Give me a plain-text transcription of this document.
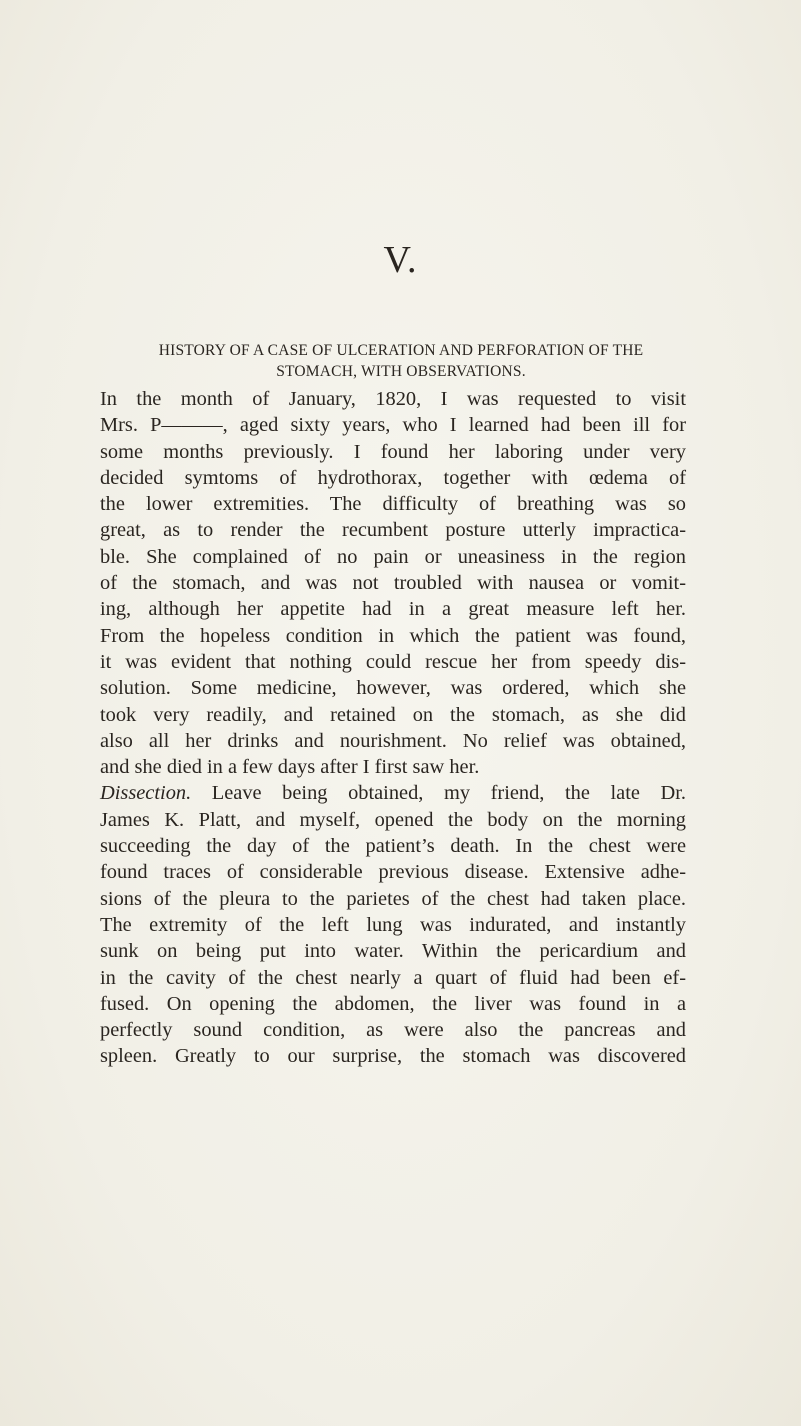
V.
HISTORY OF A CASE OF ULCERATION AND PERFORATION OF THE
STOMACH, WITH OBSERVATIONS.
In the month of January, 1820, I was requested to visit
Mrs. P———, aged sixty years, who I learned had been ill for
some months previously. I found her laboring under very
decided symtoms of hydrothorax, together with œdema of
the lower extremities. The difficulty of breathing was so
great, as to render the recumbent posture utterly impractica-
ble. She complained of no pain or uneasiness in the region
of the stomach, and was not troubled with nausea or vomit-
ing, although her appetite had in a great measure left her.
From the hopeless condition in which the patient was found,
it was evident that nothing could rescue her from speedy dis-
solution. Some medicine, however, was ordered, which she
took very readily, and retained on the stomach, as she did
also all her drinks and nourishment. No relief was obtained,
and she died in a few days after I first saw her.
Dissection. Leave being obtained, my friend, the late Dr.
James K. Platt, and myself, opened the body on the morning
succeeding the day of the patient’s death. In the chest were
found traces of considerable previous disease. Extensive adhe-
sions of the pleura to the parietes of the chest had taken place.
The extremity of the left lung was indurated, and instantly
sunk on being put into water. Within the pericardium and
in the cavity of the chest nearly a quart of fluid had been ef-
fused. On opening the abdomen, the liver was found in a
perfectly sound condition, as were also the pancreas and
spleen. Greatly to our surprise, the stomach was discovered
